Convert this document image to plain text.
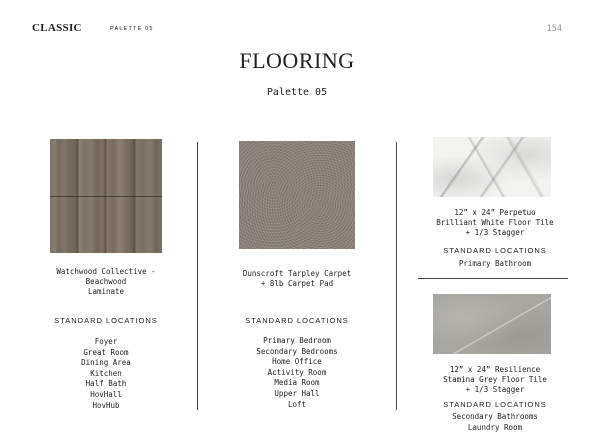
CLASSIC	PALETTE 05	154
FLOORING
Palette 05
Watchwood Collective -
Beachwood
Laminate
STANDARD LOCATIONS
Foyer
Great Room
Dining Area
Kitchen
Half Bath
HovHall
HovHub
Dunscroft Tarpley Carpet
+ 8lb Carpet Pad
STANDARD LOCATIONS
Primary Bedroom
Secondary Bedrooms
Home Office
Activity Room
Media Room
Upper Hall
Loft
12” x 24” Perpetuo
Brilliant White Floor Tile
+ 1/3 Stagger
STANDARD LOCATIONS
Primary Bathroom
12” x 24” Resilience
Stamina Grey Floor Tile
+ 1/3 Stagger
STANDARD LOCATIONS
Secondary Bathrooms
Laundry Room
